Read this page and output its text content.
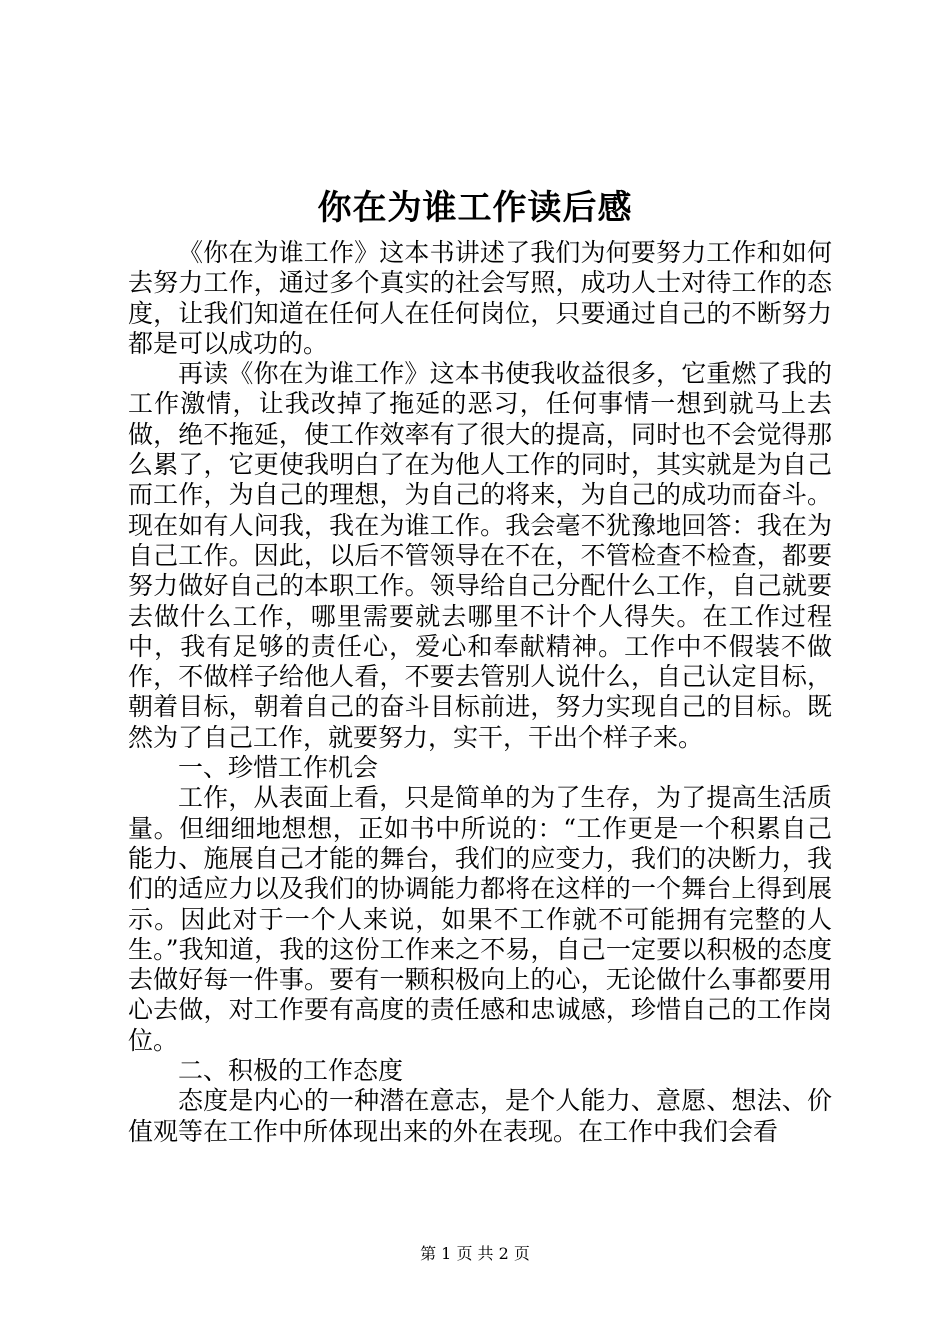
你在为谁工作读后感

《你在为谁工作》这本书讲述了我们为何要努力工作和如何去努力工作，通过多个真实的社会写照，成功人士对待工作的态度，让我们知道在任何人在任何岗位，只要通过自己的不断努力都是可以成功的。

再读《你在为谁工作》这本书使我收益很多，它重燃了我的工作激情，让我改掉了拖延的恶习，任何事情一想到就马上去做，绝不拖延，使工作效率有了很大的提高，同时也不会觉得那么累了，它更使我明白了在为他人工作的同时，其实就是为自己而工作，为自己的理想，为自己的将来，为自己的成功而奋斗。现在如有人问我，我在为谁工作。我会毫不犹豫地回答：我在为自己工作。因此，以后不管领导在不在，不管检查不检查，都要努力做好自己的本职工作。领导给自己分配什么工作，自己就要去做什么工作，哪里需要就去哪里不计个人得失。在工作过程中，我有足够的责任心，爱心和奉献精神。工作中不假装不做作，不做样子给他人看，不要去管别人说什么，自己认定目标，朝着目标，朝着自己的奋斗目标前进，努力实现自己的目标。既然为了自己工作，就要努力，实干，干出个样子来。

一、珍惜工作机会

工作，从表面上看，只是简单的为了生存，为了提高生活质量。但细细地想想，正如书中所说的：“工作更是一个积累自己能力、施展自己才能的舞台，我们的应变力，我们的决断力，我们的适应力以及我们的协调能力都将在这样的一个舞台上得到展示。因此对于一个人来说，如果不工作就不可能拥有完整的人生。”我知道，我的这份工作来之不易，自己一定要以积极的态度去做好每一件事。要有一颗积极向上的心，无论做什么事都要用心去做，对工作要有高度的责任感和忠诚感，珍惜自己的工作岗位。

二、积极的工作态度

态度是内心的一种潜在意志，是个人能力、意愿、想法、价值观等在工作中所体现出来的外在表现。在工作中我们会看

第 1 页 共 2 页
